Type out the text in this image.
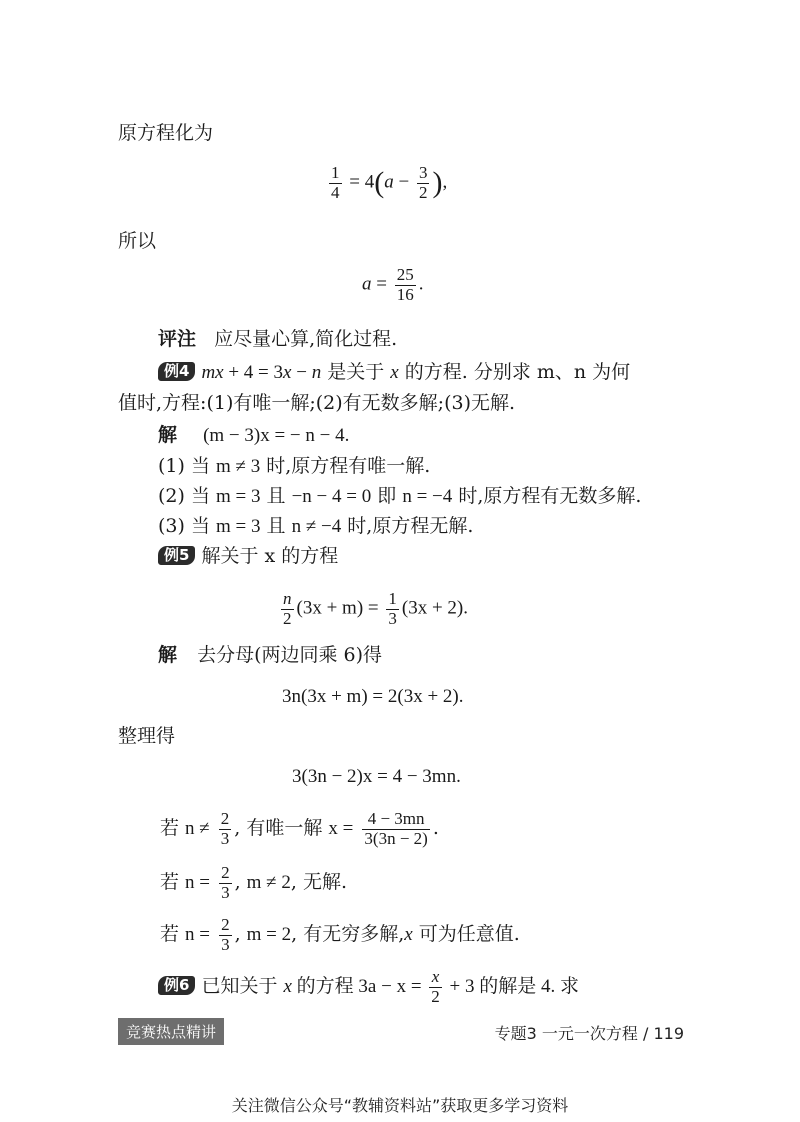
原方程化为
$\frac{1}{4} = 4(a - \frac{3}{2}$ ),
所以
$a = \frac{25}{16}$ .
评注 应尽量心算,简化过程.
例4 mx + 4 = 3x − n 是关于 x 的方程. 分别求 m、n 为何
值时,方程:(1)有唯一解;(2)有无数多解;(3)无解.
解 (m − 3)x = − n − 4.
(1) 当 m ≠ 3 时,原方程有唯一解.
(2) 当 m = 3 且 −n − 4 = 0 即 n = −4 时,原方程有无数多解.
(3) 当 m = 3 且 n ≠ −4 时,原方程无解.
例5 解关于 x 的方程
$\frac{n}{2} (3x + m) = \frac{1}{3} (3x + 2)$.
解 去分母(两边同乘 6)得
3n(3x + m) = 2(3x + 2).
整理得
3(3n − 2)x = 4 − 3mn.
若 $n \ne \frac{2}{3}$ , 有唯一解 $x = \frac{4 - 3mn}{3(3n - 2)}$ .
若 $n = \frac{2}{3}$ , m ≠ 2, 无解.
若 $n = \frac{2}{3}$ , m = 2, 有无穷多解,x 可为任意值.
例6 已知关于 x 的方程 $3a - x = \frac{x}{2} + 3$ 的解是 4. 求
竞赛热点精讲	专题3 一元一次方程 / 119
关注微信公众号“教辅资料站”获取更多学习资料
